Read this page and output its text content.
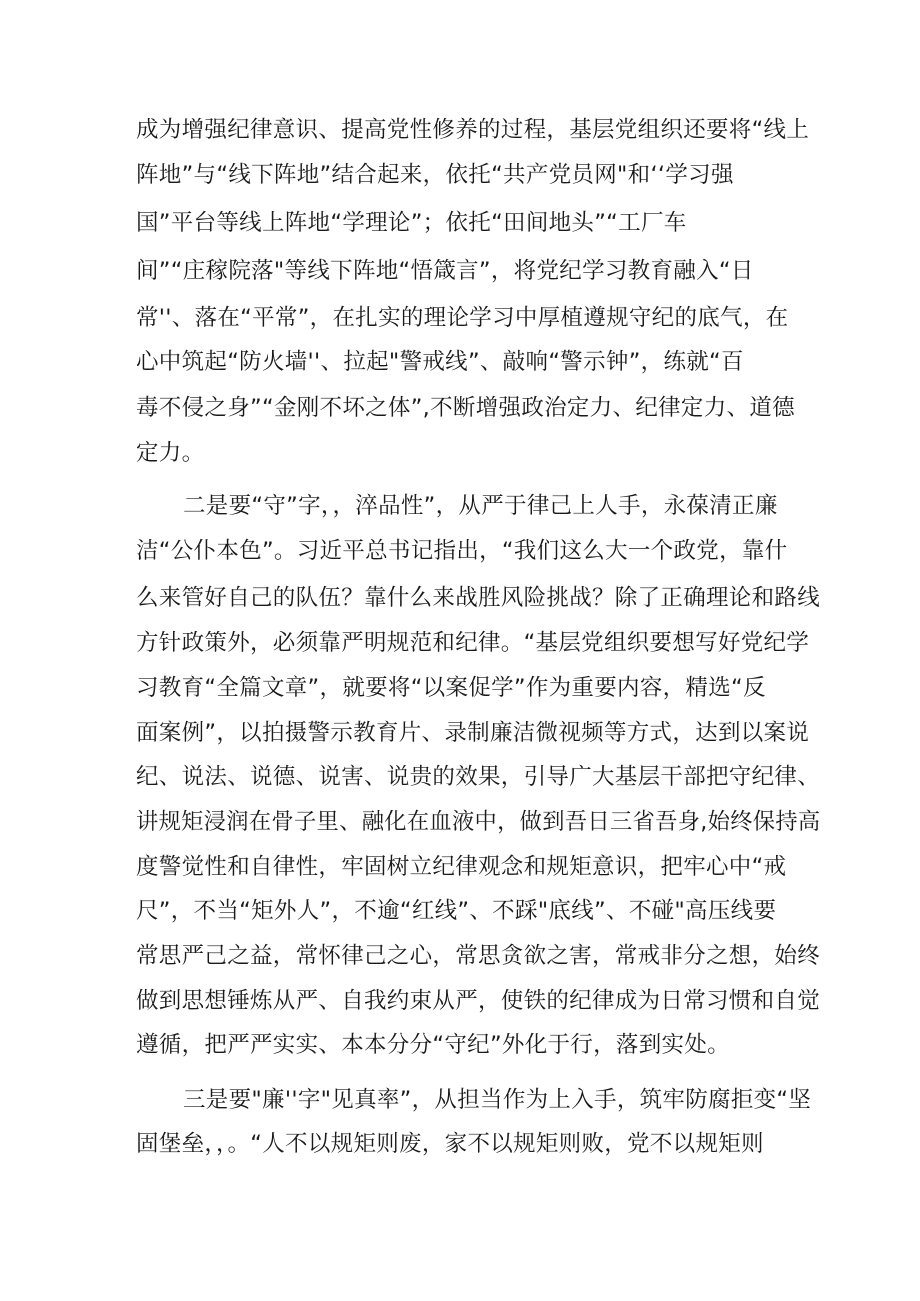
成为增强纪律意识、提高党性修养的过程，基层党组织还要将“线上
阵地”与“线下阵地”结合起来，依托“共产党员网"和‘‘学习强
国”平台等线上阵地“学理论”；依托“田间地头”“工厂车
间”“庄稼院落"等线下阵地“悟箴言”，将党纪学习教育融入“日
常''、落在“平常”，在扎实的理论学习中厚植遵规守纪的底气，在
心中筑起“防火墙''、拉起"警戒线”、敲响“警示钟”，练就“百
毒不侵之身”“金刚不坏之体”,不断增强政治定力、纪律定力、道德
定力。
二是要“守”字，，淬品性”，从严于律己上人手，永葆清正廉
洁“公仆本色”。习近平总书记指出，“我们这么大一个政党，靠什
么来管好自己的队伍？靠什么来战胜风险挑战？除了正确理论和路线
方针政策外，必须靠严明规范和纪律。“基层党组织要想写好党纪学
习教育“全篇文章”，就要将“以案促学”作为重要内容，精选“反
面案例”，以拍摄警示教育片、录制廉洁微视频等方式，达到以案说
纪、说法、说德、说害、说贵的效果，引导广大基层干部把守纪律、
讲规矩浸润在骨子里、融化在血液中，做到吾日三省吾身,始终保持高
度警觉性和自律性，牢固树立纪律观念和规矩意识，把牢心中“戒
尺”，不当“矩外人”，不逾“红线”、不踩"底线”、不碰"高压线要
常思严己之益，常怀律己之心，常思贪欲之害，常戒非分之想，始终
做到思想锤炼从严、自我约束从严，使铁的纪律成为日常习惯和自觉
遵循，把严严实实、本本分分“守纪”外化于行，落到实处。
三是要"廉''字"见真率”，从担当作为上入手，筑牢防腐拒变“坚
固堡垒，，。“人不以规矩则废，家不以规矩则败，党不以规矩则
